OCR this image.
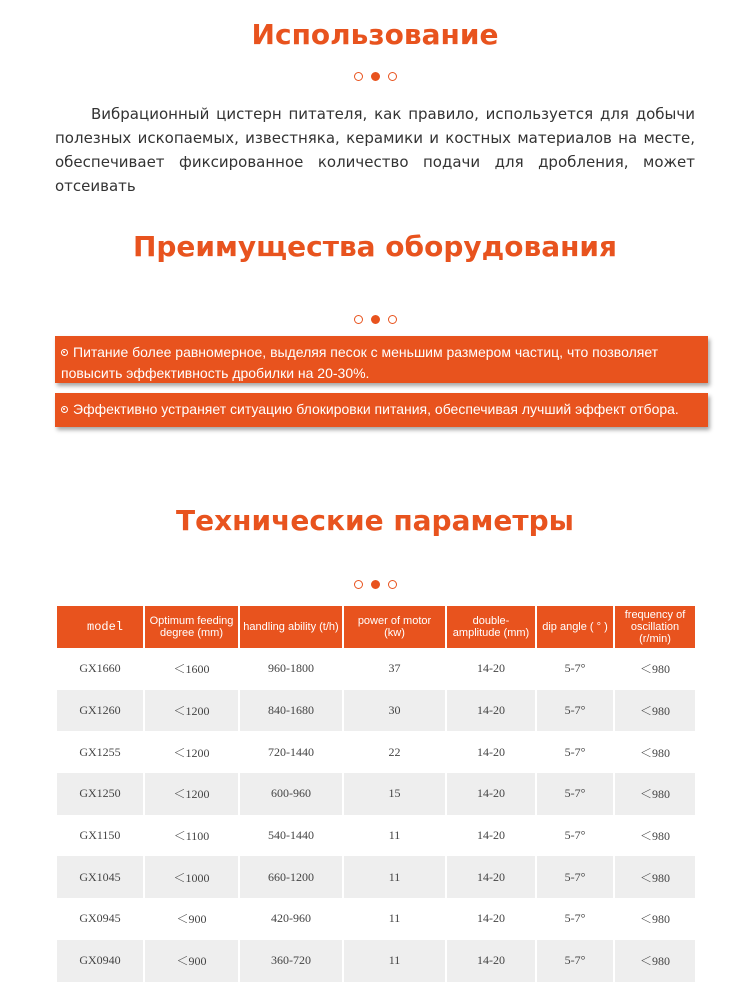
Использование

Вибрационный цистерн питателя, как правило, используется для добычи полезных ископаемых, известняка, керамики и костных материалов на месте, обеспечивает фиксированное количество подачи для дробления, может отсеивать

Преимущества оборудования
Питание более равномерное, выделяя песок с меньшим размером частиц, что позволяет повысить эффективность дробилки на 20-30%.
Эффективно устраняет ситуацию блокировки питания, обеспечивая лучший эффект отбора.
Технические параметры
model	Optimum feeding degree (mm)	handling ability (t/h)	power of motor (kw)	double-amplitude (mm)	dip angle ( ° )	frequency of oscillation (r/min)
GX1660	＜1600	960-1800	37	14-20	5-7°	＜980
GX1260	＜1200	840-1680	30	14-20	5-7°	＜980
GX1255	＜1200	720-1440	22	14-20	5-7°	＜980
GX1250	＜1200	600-960	15	14-20	5-7°	＜980
GX1150	＜1100	540-1440	11	14-20	5-7°	＜980
GX1045	＜1000	660-1200	11	14-20	5-7°	＜980
GX0945	＜900	420-960	11	14-20	5-7°	＜980
GX0940	＜900	360-720	11	14-20	5-7°	＜980
